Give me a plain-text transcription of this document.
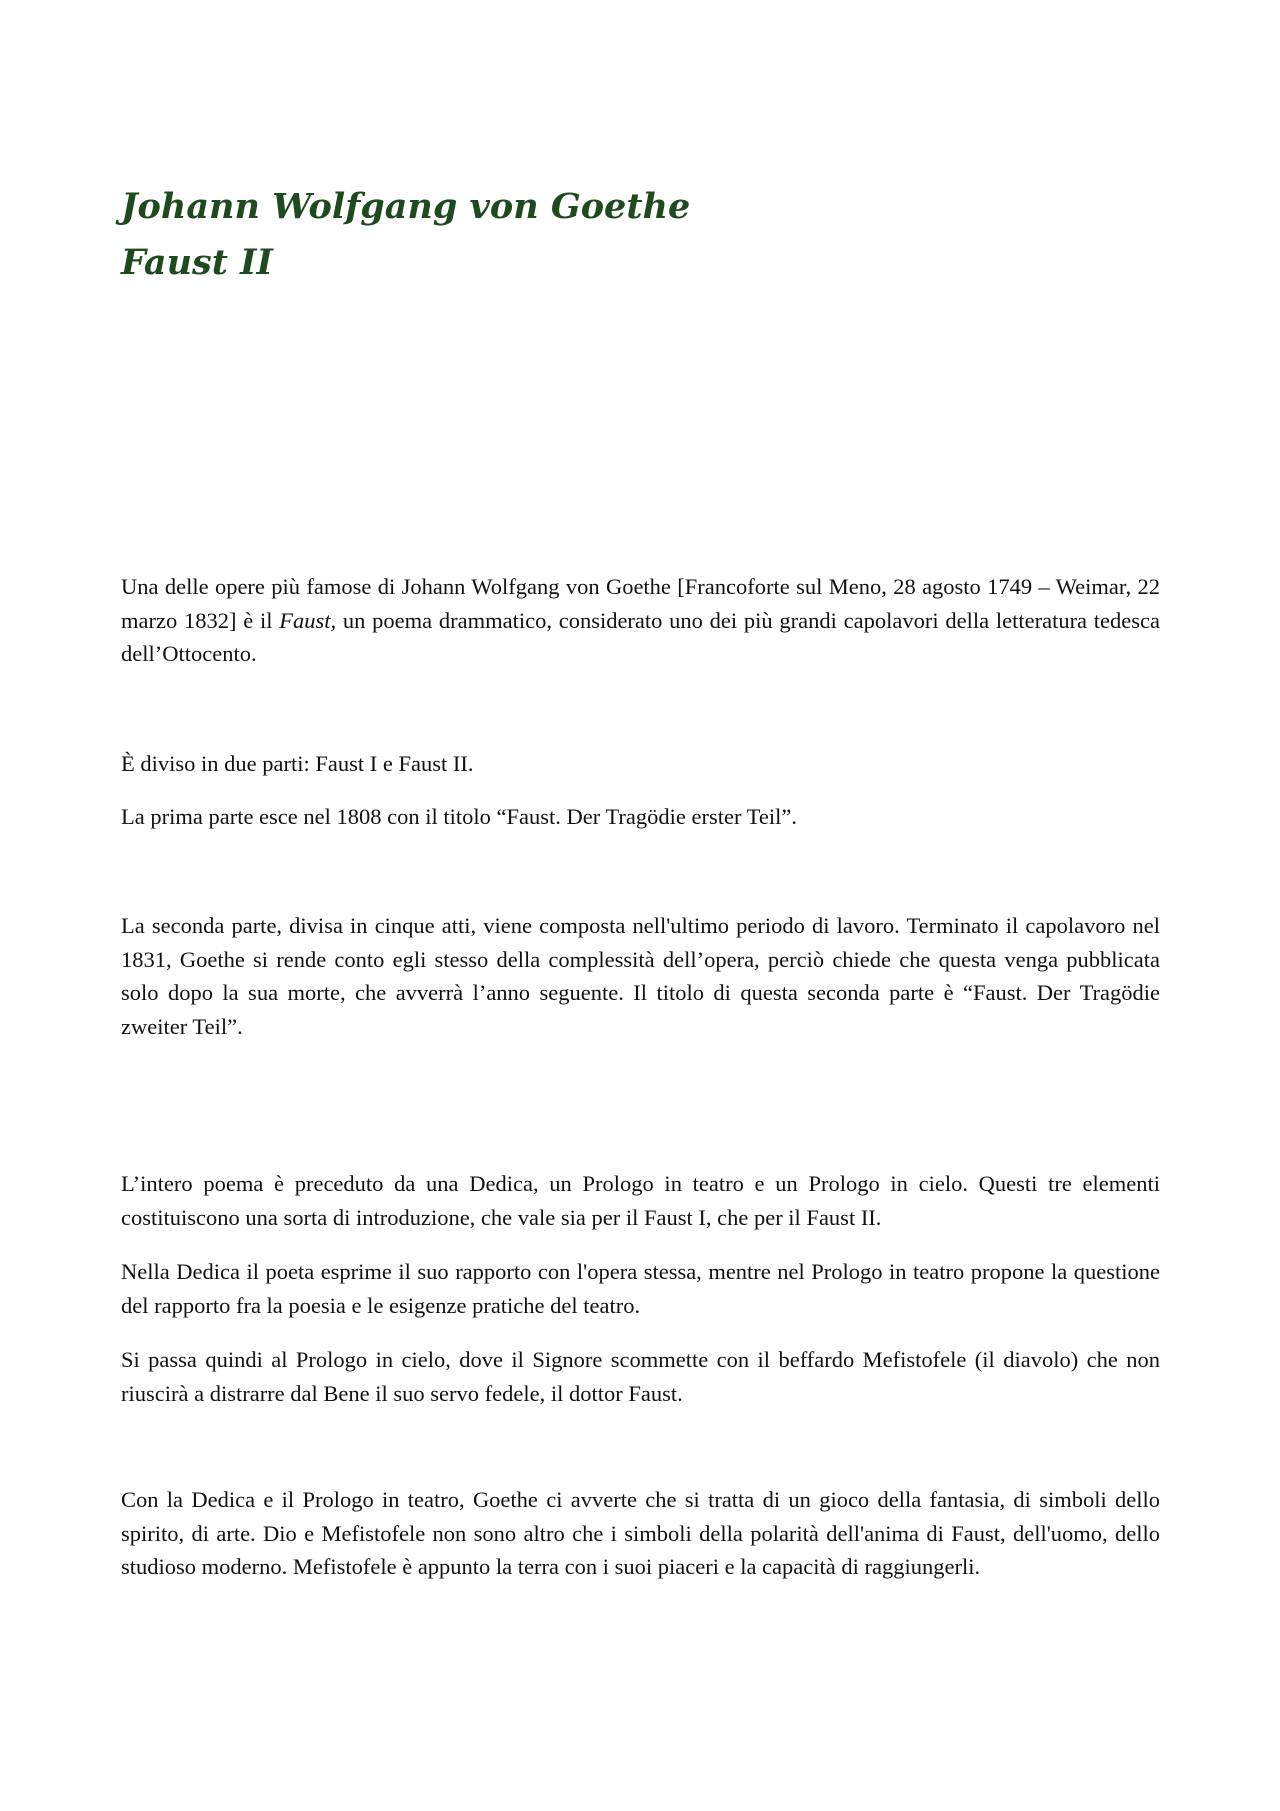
Johann Wolfgang von Goethe
Faust II

Una delle opere più famose di Johann Wolfgang von Goethe [Francoforte sul Meno, 28 agosto 1749 – Weimar, 22 marzo 1832] è il Faust, un poema drammatico, considerato uno dei più grandi capolavori della letteratura tedesca dell’Ottocento.

È diviso in due parti: Faust I e Faust II.

La prima parte esce nel 1808 con il titolo “Faust. Der Tragödie erster Teil”.

La seconda parte, divisa in cinque atti, viene composta nell'ultimo periodo di lavoro. Terminato il capolavoro nel 1831, Goethe si rende conto egli stesso della complessità dell’opera, perciò chiede che questa venga pubblicata solo dopo la sua morte, che avverrà l’anno seguente. Il titolo di questa seconda parte è “Faust. Der Tragödie zweiter Teil”.

L’intero poema è preceduto da una Dedica, un Prologo in teatro e un Prologo in cielo. Questi tre elementi costituiscono una sorta di introduzione, che vale sia per il Faust I, che per il Faust II.

Nella Dedica il poeta esprime il suo rapporto con l'opera stessa, mentre nel Prologo in teatro propone la questione del rapporto fra la poesia e le esigenze pratiche del teatro.

Si passa quindi al Prologo in cielo, dove il Signore scommette con il beffardo Mefistofele (il diavolo) che non riuscirà a distrarre dal Bene il suo servo fedele, il dottor Faust.

Con la Dedica e il Prologo in teatro, Goethe ci avverte che si tratta di un gioco della fantasia, di simboli dello spirito, di arte. Dio e Mefistofele non sono altro che i simboli della polarità dell'anima di Faust, dell'uomo, dello studioso moderno. Mefistofele è appunto la terra con i suoi piaceri e la capacità di raggiungerli.
